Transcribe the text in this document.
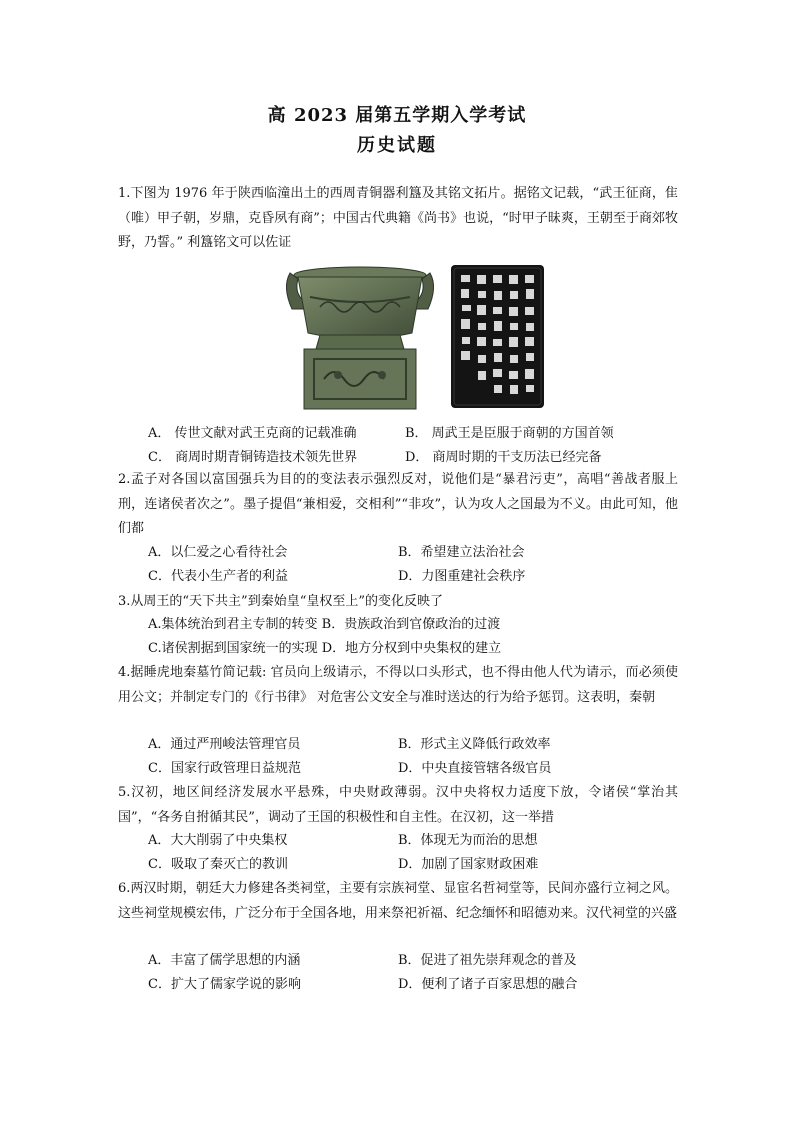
高 2023 届第五学期入学考试
历史试题
1.下图为 1976 年于陕西临潼出土的西周青铜器利簋及其铭文拓片。据铭文记载，“武王征商，隹（唯）甲子朝，岁鼎，克昏夙有商”；中国古代典籍《尚书》也说，“时甲子昧爽，王朝至于商郊牧野，乃誓。” 利簋铭文可以佐证
A． 传世文献对武王克商的记载准确	B． 周武王是臣服于商朝的方国首领
C． 商周时期青铜铸造技术领先世界	D． 商周时期的干支历法已经完备
2.孟子对各国以富国强兵为目的的变法表示强烈反对，说他们是“暴君污吏”，高唱“善战者服上刑，连诸侯者次之”。墨子提倡“兼相爱，交相利”“非攻”，认为攻人之国最为不义。由此可知，他们都
A．以仁爱之心看待社会	B．希望建立法治社会
C．代表小生产者的利益	D．力图重建社会秩序
3.从周王的“天下共主”到秦始皇“皇权至上”的变化反映了
A.集体统治到君主专制的转变 B．贵族政治到官僚政治的过渡
C.诸侯割据到国家统一的实现 D．地方分权到中央集权的建立
4.据睡虎地秦墓竹简记载: 官员向上级请示，不得以口头形式，也不得由他人代为请示，而必须使用公文；并制定专门的《行书律》 对危害公文安全与准时送达的行为给予惩罚。这表明，秦朝
A．通过严刑峻法管理官员	B．形式主义降低行政效率
C．国家行政管理日益规范	D．中央直接管辖各级官员
5.汉初，地区间经济发展水平悬殊，中央财政薄弱。汉中央将权力适度下放，令诸侯“掌治其国”，“各务自拊循其民”，调动了王国的积极性和自主性。在汉初，这一举措
A．大大削弱了中央集权	B．体现无为而治的思想
C．吸取了秦灭亡的教训	D．加剧了国家财政困难
6.两汉时期，朝廷大力修建各类祠堂，主要有宗族祠堂、显宦名哲祠堂等，民间亦盛行立祠之风。这些祠堂规模宏伟，广泛分布于全国各地，用来祭祀祈福、纪念缅怀和昭德劝来。汉代祠堂的兴盛
A．丰富了儒学思想的内涵	B．促进了祖先崇拜观念的普及
C．扩大了儒家学说的影响	D．便利了诸子百家思想的融合
